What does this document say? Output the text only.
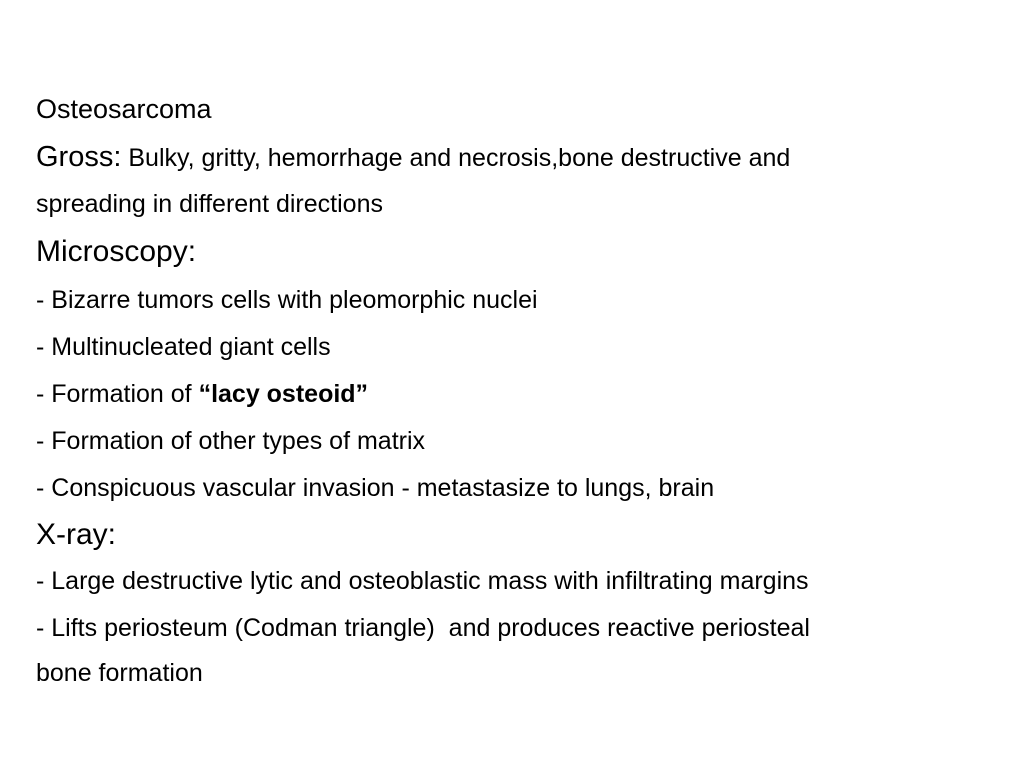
Osteosarcoma
Gross: Bulky, gritty, hemorrhage and necrosis,bone destructive and
spreading in different directions
Microscopy:
- Bizarre tumors cells with pleomorphic nuclei
- Multinucleated giant cells
- Formation of “lacy osteoid”
- Formation of other types of matrix
- Conspicuous vascular invasion - metastasize to lungs, brain
X-ray:
- Large destructive lytic and osteoblastic mass with infiltrating margins
- Lifts periosteum (Codman triangle)  and produces reactive periosteal
bone formation
